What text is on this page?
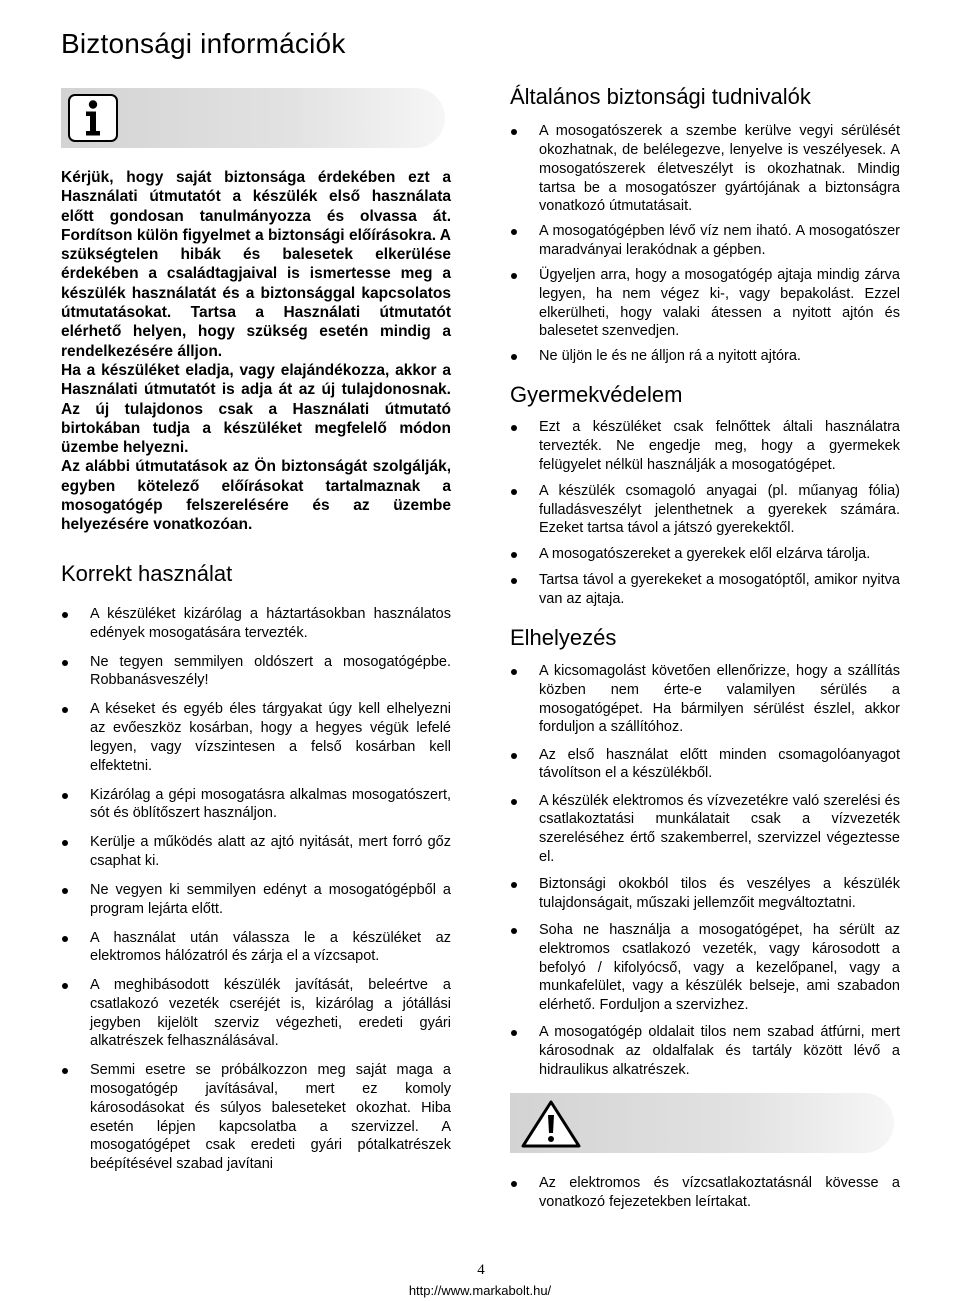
Biztonsági információk

Kérjük, hogy saját biztonsága érdekében ezt a Használati útmutatót a készülék első használata előtt gondosan tanulmányozza és olvassa át. Fordítson külön figyelmet a biztonsági előírásokra. A szükségtelen hibák és balesetek elkerülése érdekében a családtagjaival is ismertesse meg a készülék használatát és a biztonsággal kapcsolatos útmutatásokat. Tartsa a Használati útmutatót elérhető helyen, hogy szükség esetén mindig a rendelkezésére álljon.

Ha a készüléket eladja, vagy elajándékozza, akkor a Használati útmutatót is adja át az új tulajdonosnak. Az új tulajdonos csak a Használati útmutató birtokában tudja a készüléket megfelelő módon üzembe helyezni.

Az alábbi útmutatások az Ön biztonságát szolgálják, egyben kötelező előírásokat tartalmaznak a mosogatógép felszerelésére és az üzembe helyezésére vonatkozóan.

Korrekt használat
A készüléket kizárólag a háztartásokban használatos edények mosogatására tervezték.
Ne tegyen semmilyen oldószert a mosogatógépbe. Robbanásveszély!
A késeket és egyéb éles tárgyakat úgy kell elhelyezni az evőeszköz kosárban, hogy a hegyes végük lefelé legyen, vagy vízszintesen a felső kosárban kell elfektetni.
Kizárólag a gépi mosogatásra alkalmas mosogatószert, sót és öblítőszert használjon.
Kerülje a működés alatt az ajtó nyitását, mert forró gőz csaphat ki.
Ne vegyen ki semmilyen edényt a mosogatógépből a program lejárta előtt.
A használat után válassza le a készüléket az elektromos hálózatról és zárja el a vízcsapot.
A meghibásodott készülék javítását, beleértve a csatlakozó vezeték cseréjét is, kizárólag a jótállási jegyben kijelölt szerviz végezheti, eredeti gyári alkatrészek felhasználásával.
Semmi esetre se próbálkozzon meg saját maga a mosogatógép javításával, mert ez komoly károsodásokat és súlyos baleseteket okozhat. Hiba esetén lépjen kapcsolatba a szervizzel. A mosogatógépet csak eredeti gyári pótalkatrészek beépítésével szabad javítani
Általános biztonsági tudnivalók
A mosogatószerek a szembe kerülve vegyi sérülését okozhatnak, de belélegezve, lenyelve is veszélyesek. A mosogatószerek életveszélyt is okozhatnak. Mindig tartsa be a mosogatószer gyártójának a biztonságra vonatkozó útmutatásait.
A mosogatógépben lévő víz nem iható. A mosogatószer maradványai lerakódnak a gépben.
Ügyeljen arra, hogy a mosogatógép ajtaja mindig zárva legyen, ha nem végez ki-, vagy bepakolást. Ezzel elkerülheti, hogy valaki átessen a nyitott ajtón és balesetet szenvedjen.
Ne üljön le és ne álljon rá a nyitott ajtóra.
Gyermekvédelem
Ezt a készüléket csak felnőttek általi használatra tervezték. Ne engedje meg, hogy a gyermekek felügyelet nélkül használják a mosogatógépet.
A készülék csomagoló anyagai (pl. műanyag fólia) fulladásveszélyt jelenthetnek a gyerekek számára. Ezeket tartsa távol a játszó gyerekektől.
A mosogatószereket a gyerekek elől elzárva tárolja.
Tartsa távol a gyerekeket a mosogatóptől, amikor nyitva van az ajtaja.
Elhelyezés
A kicsomagolást követően ellenőrizze, hogy a szállítás közben nem érte-e valamilyen sérülés a mosogatógépet. Ha bármilyen sérülést észlel, akkor forduljon a szállítóhoz.
Az első használat előtt minden csomagolóanyagot távolítson el a készülékből.
A készülék elektromos és vízvezetékre való szerelési és csatlakoztatási munkálatait csak a vízvezeték szereléséhez értő szakemberrel, szervizzel végeztesse el.
Biztonsági okokból tilos és veszélyes a készülék tulajdonságait, műszaki jellemzőit megváltoztatni.
Soha ne használja a mosogatógépet, ha sérült az elektromos csatlakozó vezeték, vagy károsodott a befolyó / kifolyócső, vagy a kezelőpanel, vagy a munkafelület, vagy a készülék belseje, ami szabadon elérhető. Forduljon a szervizhez.
A mosogatógép oldalait tilos nem szabad átfúrni, mert károsodnak az oldalfalak és tartály között lévő a hidraulikus alkatrészek.
Az elektromos és vízcsatlakoztatásnál kövesse a vonatkozó fejezetekben leírtakat.
4
http://www.markabolt.hu/
